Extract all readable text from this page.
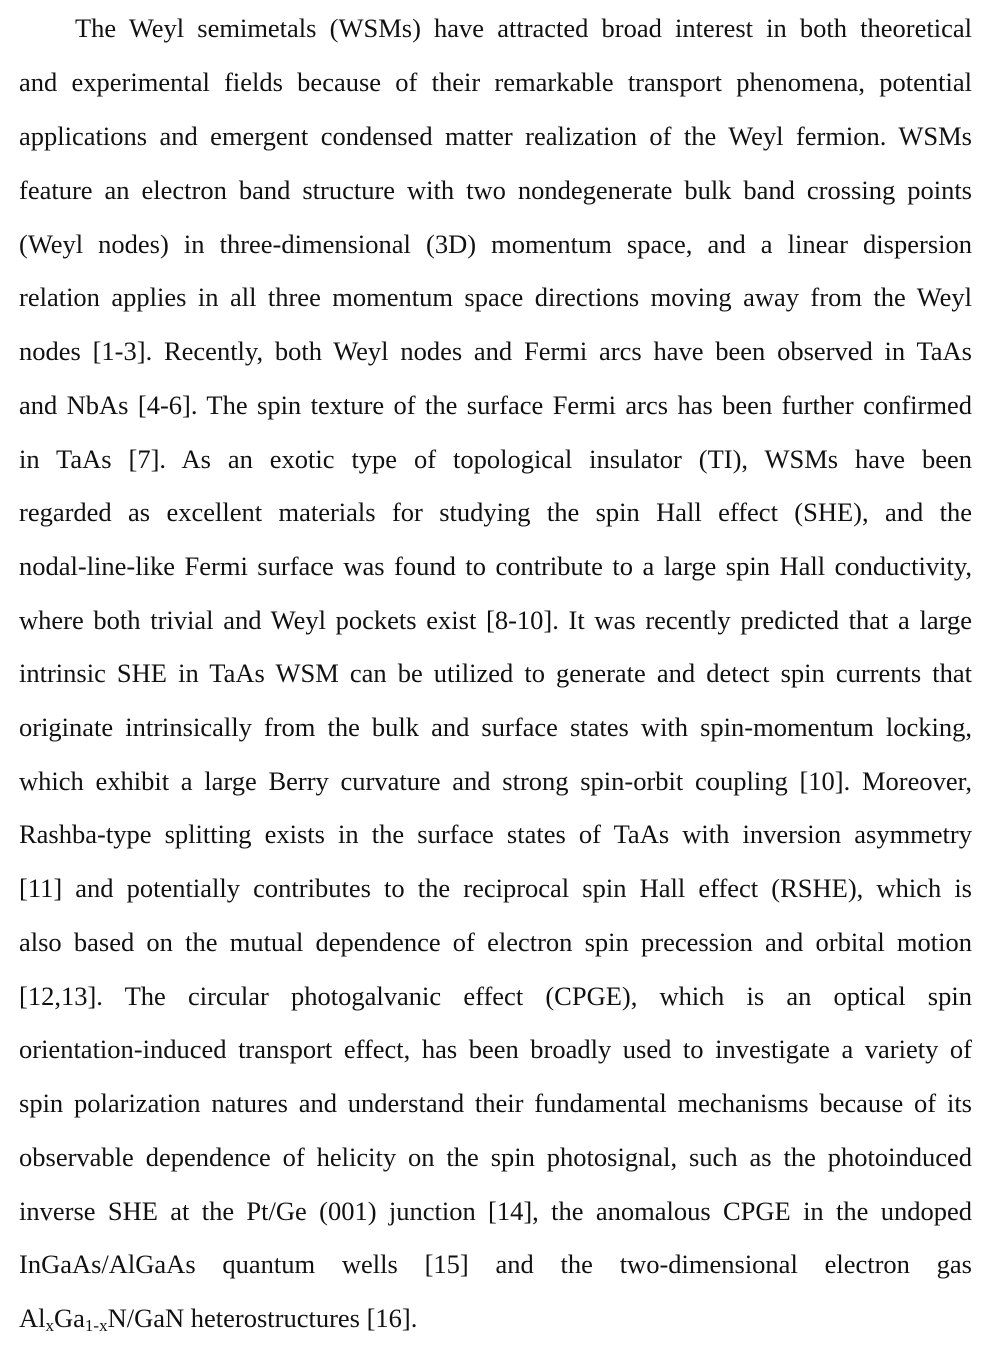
The Weyl semimetals (WSMs) have attracted broad interest in both theoretical
and experimental fields because of their remarkable transport phenomena, potential
applications and emergent condensed matter realization of the Weyl fermion. WSMs
feature an electron band structure with two nondegenerate bulk band crossing points
(Weyl nodes) in three-dimensional (3D) momentum space, and a linear dispersion
relation applies in all three momentum space directions moving away from the Weyl
nodes [1-3]. Recently, both Weyl nodes and Fermi arcs have been observed in TaAs
and NbAs [4-6]. The spin texture of the surface Fermi arcs has been further confirmed
in TaAs [7]. As an exotic type of topological insulator (TI), WSMs have been
regarded as excellent materials for studying the spin Hall effect (SHE), and the
nodal-line-like Fermi surface was found to contribute to a large spin Hall conductivity,
where both trivial and Weyl pockets exist [8-10]. It was recently predicted that a large
intrinsic SHE in TaAs WSM can be utilized to generate and detect spin currents that
originate intrinsically from the bulk and surface states with spin-momentum locking,
which exhibit a large Berry curvature and strong spin-orbit coupling [10]. Moreover,
Rashba-type splitting exists in the surface states of TaAs with inversion asymmetry
[11] and potentially contributes to the reciprocal spin Hall effect (RSHE), which is
also based on the mutual dependence of electron spin precession and orbital motion
[12,13]. The circular photogalvanic effect (CPGE), which is an optical spin
orientation-induced transport effect, has been broadly used to investigate a variety of
spin polarization natures and understand their fundamental mechanisms because of its
observable dependence of helicity on the spin photosignal, such as the photoinduced
inverse SHE at the Pt/Ge (001) junction [14], the anomalous CPGE in the undoped
InGaAs/AlGaAs quantum wells [15] and the two-dimensional electron gas
$Al_xGa_{1-x}N$/GaN heterostructures [16].
